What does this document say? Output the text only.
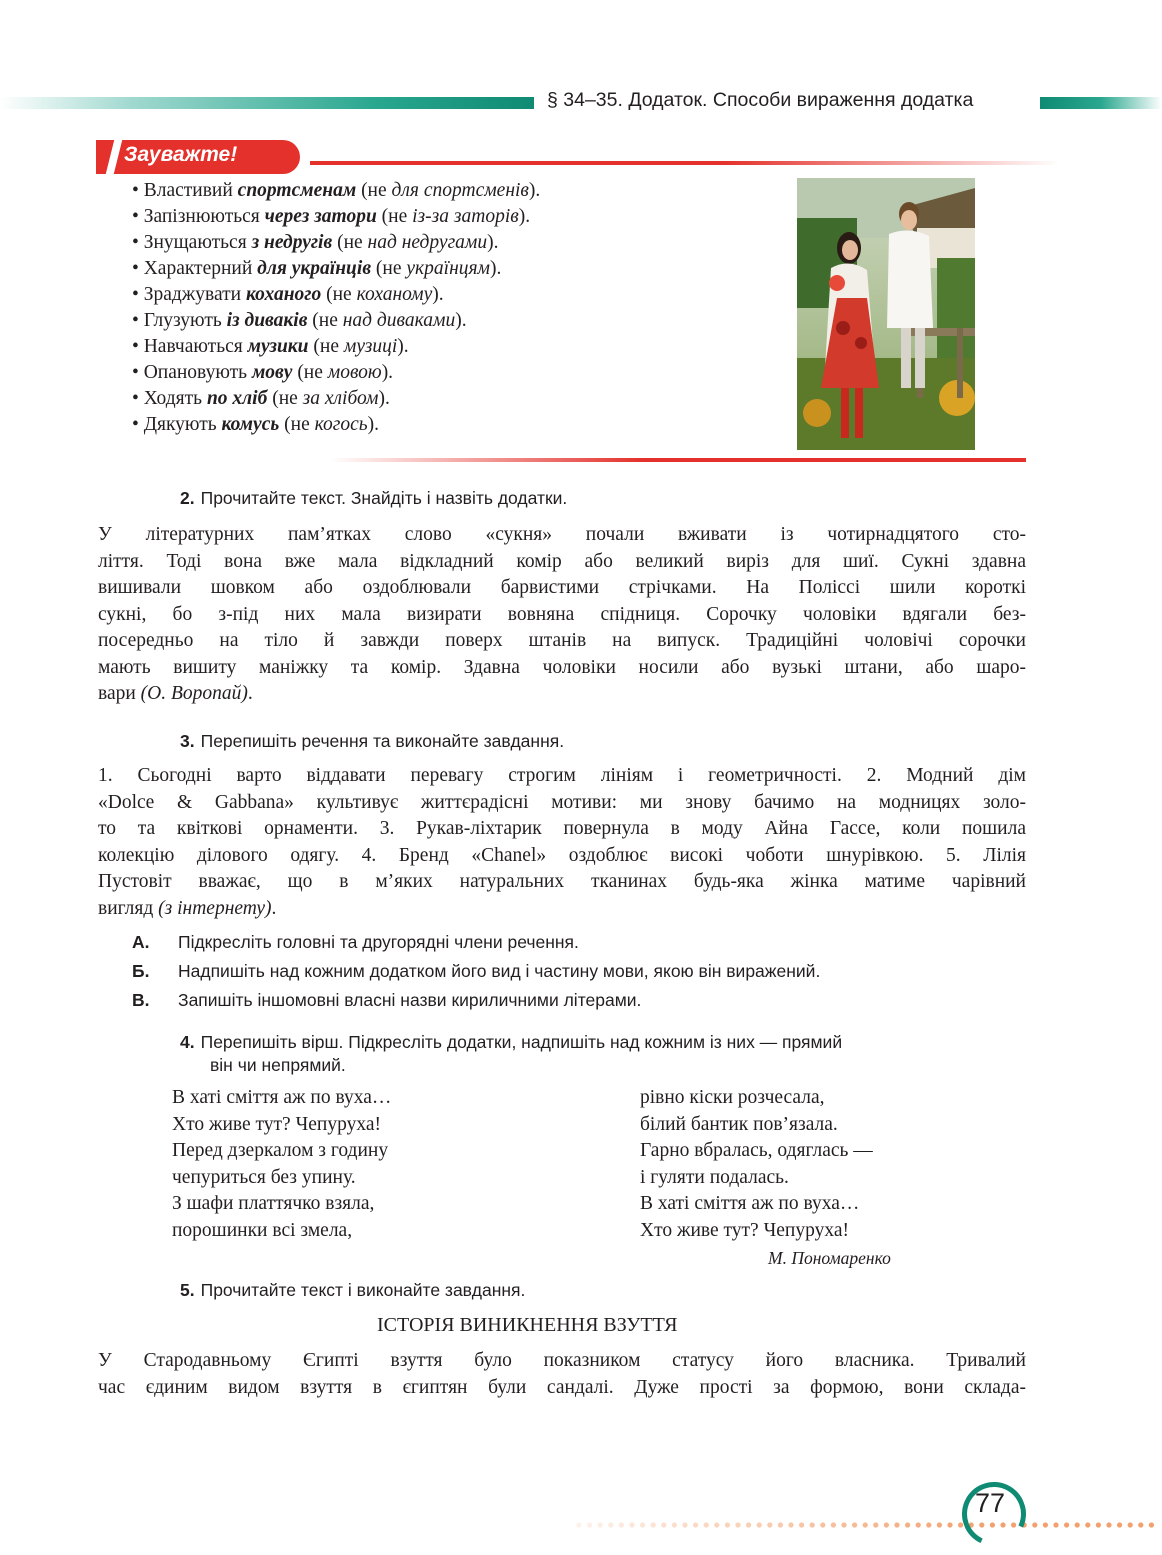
§ 34–35. Додаток. Способи вираження додатка
Зауважте!
• Властивий спортсменам (не для спортсменів).
• Запізнюються через затори (не із-за заторів).
• Знущаються з недругів (не над недругами).
• Характерний для українців (не українцям).
• Зраджувати коханого (не коханому).
• Глузують із диваків (не над диваками).
• Навчаються музики (не музиці).
• Опановують мову (не мовою).
• Ходять по хліб (не за хлібом).
• Дякують комусь (не когось).
2. Прочитайте текст. Знайдіть і назвіть додатки.
У літературних пам’ятках слово «сукня» почали вживати із чотирнадцятого сто-
ліття. Тоді вона вже мала відкладний комір або великий виріз для шиї. Сукні здавна
вишивали шовком або оздоблювали барвистими стрічками. На Поліссі шили короткі
сукні, бо з-під них мала визирати вовняна спідниця. Сорочку чоловіки вдягали без-
посередньо на тіло й завжди поверх штанів на випуск. Традиційні чоловічі сорочки
мають вишиту маніжку та комір. Здавна чоловіки носили або вузькі штани, або шаро-
вари (О. Воропай).
3. Перепишіть речення та виконайте завдання.
1. Сьогодні варто віддавати перевагу строгим лініям і геометричності. 2. Модний дім
«Dolce & Gabbana» культивує життєрадісні мотиви: ми знову бачимо на модницях золо-
то та квіткові орнаменти. 3. Рукав-ліхтарик повернула в моду Айна Гассе, коли пошила
колекцію ділового одягу. 4. Бренд «Chanel» оздоблює високі чоботи шнурівкою. 5. Лілія
Пустовіт вважає, що в м’яких натуральних тканинах будь-яка жінка матиме чарівний
вигляд (з інтернету).
А. Підкресліть головні та другорядні члени речення.
Б. Надпишіть над кожним додатком його вид і частину мови, якою він виражений.
В. Запишіть іншомовні власні назви кириличними літерами.
4. Перепишіть вірш. Підкресліть додатки, надпишіть над кожним із них — прямий
він чи непрямий.
В хаті сміття аж по вуха…
Хто живе тут? Чепуруха!
Перед дзеркалом з годину
чепуриться без упину.
З шафи платтячко взяла,
порошинки всі змела,
рівно кіски розчесала,
білий бантик пов’язала.
Гарно вбралась, одяглась —
і гуляти подалась.
В хаті сміття аж по вуха…
Хто живе тут? Чепуруха!
М. Пономаренко
5. Прочитайте текст і виконайте завдання.
ІСТОРІЯ ВИНИКНЕННЯ ВЗУТТЯ
У Стародавньому Єгипті взуття було показником статусу його власника. Тривалий
час єдиним видом взуття в єгиптян були сандалі. Дуже прості за формою, вони склада-
77
